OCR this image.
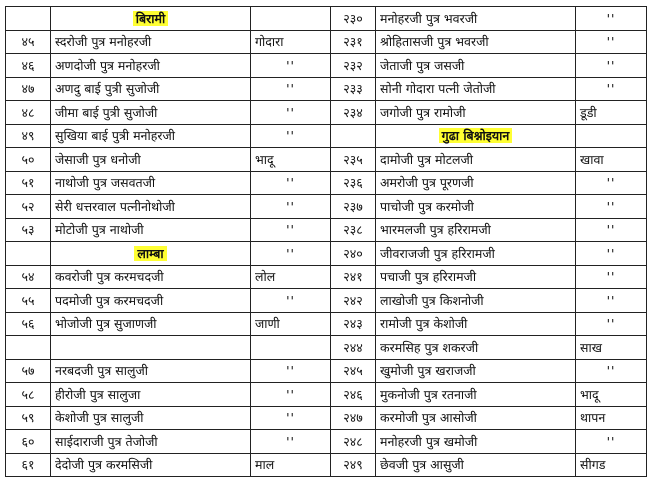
	बिरामी		२३०	मनोहरजी पुत्र भवरजी	''
४५	स्दरोजी पुत्र मनोहरजी	गोदारा	२३१	श्रोहितासजी पुत्र भवरजी	''
४६	अणदोजी पुत्र मनोहरजी	''	२३२	जेताजी पुत्र जसजी	''
४७	अणदु बाई पुत्री सुजोजी	''	२३३	सोनी गोदारा पत्नी जेतोजी	''
४८	जीमा बाई पुत्री सुजोजी	''	२३४	जगोजी पुत्र रामोजी	डूडी
४९	सुखिया बाई पुत्री मनोहरजी	''		गुढा बिश्नोइयान	
५०	जेसाजी पुत्र धनोजी	भादू	२३५	दामोजी पुत्र मोटलजी	खावा
५१	नाथोजी पुत्र जसवतजी	''	२३६	अमरोजी पुत्र पूरणजी	''
५२	सेरी धत्तरवाल पत्नीनोथोजी	''	२३७	पाचोजी पुत्र करमोजी	''
५३	मोटोजी पुत्र नाथोजी	''	२३८	भारमलजी पुत्र हरिरामजी	''
	लाम्बा	''	२४०	जीवराजजी पुत्र हरिरामजी	''
५४	कवरोजी पुत्र करमचदजी	लोल	२४१	पचाजी पुत्र हरिरामजी	''
५५	पदमोजी पुत्र करमचदजी	''	२४२	लाखोजी पुत्र किशनोजी	''
५६	भोजोजी पुत्र सुजाणजी	जाणी	२४३	रामोजी पुत्र केशोजी	''
			२४४	करमसिह पुत्र शकरजी	साख
५७	नरबदजी पुत्र सालुजी	''	२४५	खुमोजी पुत्र खराजजी	''
५८	हीरोजी पुत्र सालुजा	''	२४६	मुकनोजी पुत्र रतनाजी	भादू
५९	केशोजी पुत्र सालुजी	''	२४७	करमोजी पुत्र आसोजी	थापन
६०	साईदाराजी पुत्र तेजोजी	''	२४८	मनोहरजी पुत्र खमोजी	''
६१	देदोजी पुत्र करमसिजी	माल	२४९	छेवजी पुत्र आसुजी	सीगड
